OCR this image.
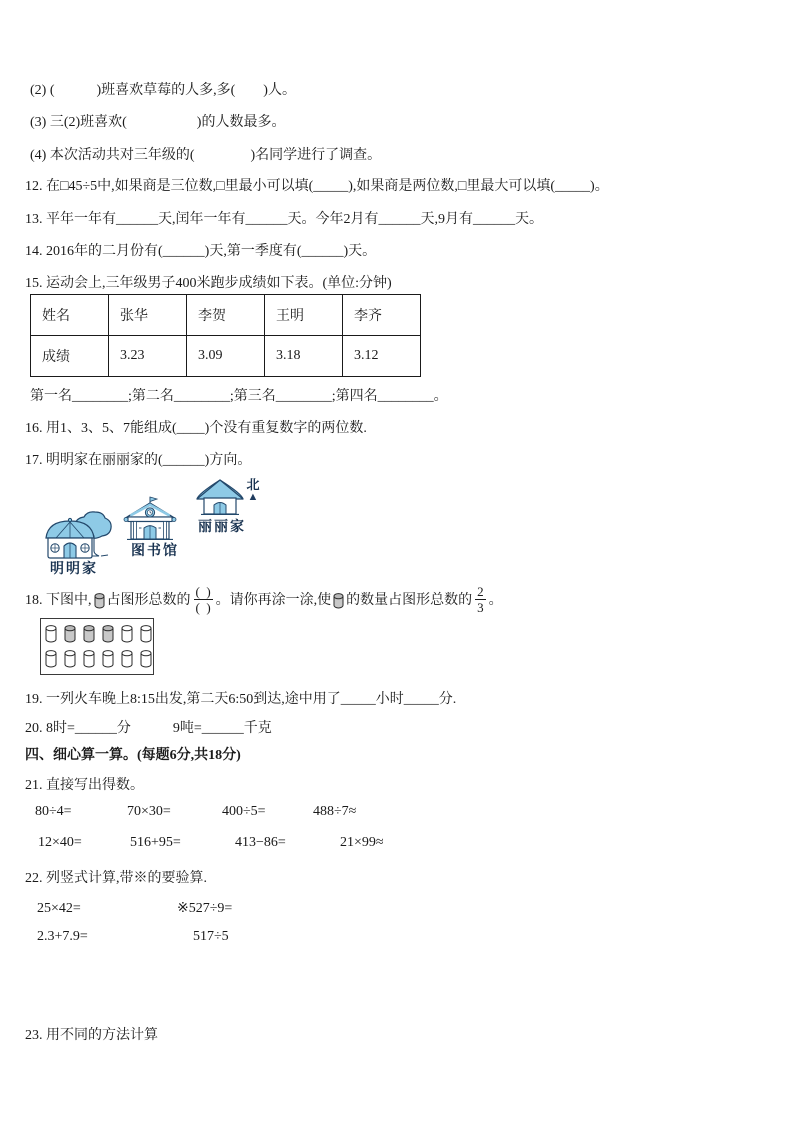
(2) (　　　)班喜欢草莓的人多,多(　　)人。
(3) 三(2)班喜欢(　　　　　)的人数最多。
(4) 本次活动共对三年级的(　　　　)名同学进行了调查。
12. 在□45÷5中,如果商是三位数,□里最小可以填(_____),如果商是两位数,□里最大可以填(_____)。
13. 平年一年有______天,闰年一年有______天。今年2月有______天,9月有______天。
14. 2016年的二月份有(______)天,第一季度有(______)天。
15. 运动会上,三年级男子400米跑步成绩如下表。(单位:分钟)
姓名	张华	李贺	王明	李齐
成绩	3.23	3.09	3.18	3.12
第一名________;第二名________;第三名________;第四名________。
16. 用1、3、5、7能组成(____)个没有重复数字的两位数.
17. 明明家在丽丽家的(______)方向。
明明家
图书馆
丽丽家
北
▲
18. 下图中, 占图形总数的 $\frac{( )}{( )}$ 。请你再涂一涂,使 的数量占图形总数的 $\frac{2}{3}$ 。
19. 一列火车晚上8:15出发,第二天6:50到达,途中用了_____小时_____分.
20. 8时=______分　　　9吨=______千克
四、细心算一算。(每题6分,共18分)
21. 直接写出得数。

80÷4=

	70×30=

	400÷5=

	488÷7≈

12×40=

	516+95=

	413−86=

	21×99≈

22. 列竖式计算,带※的要验算.

25×42=

	※527÷9=

2.3+7.9=

	517÷5

23. 用不同的方法计算
